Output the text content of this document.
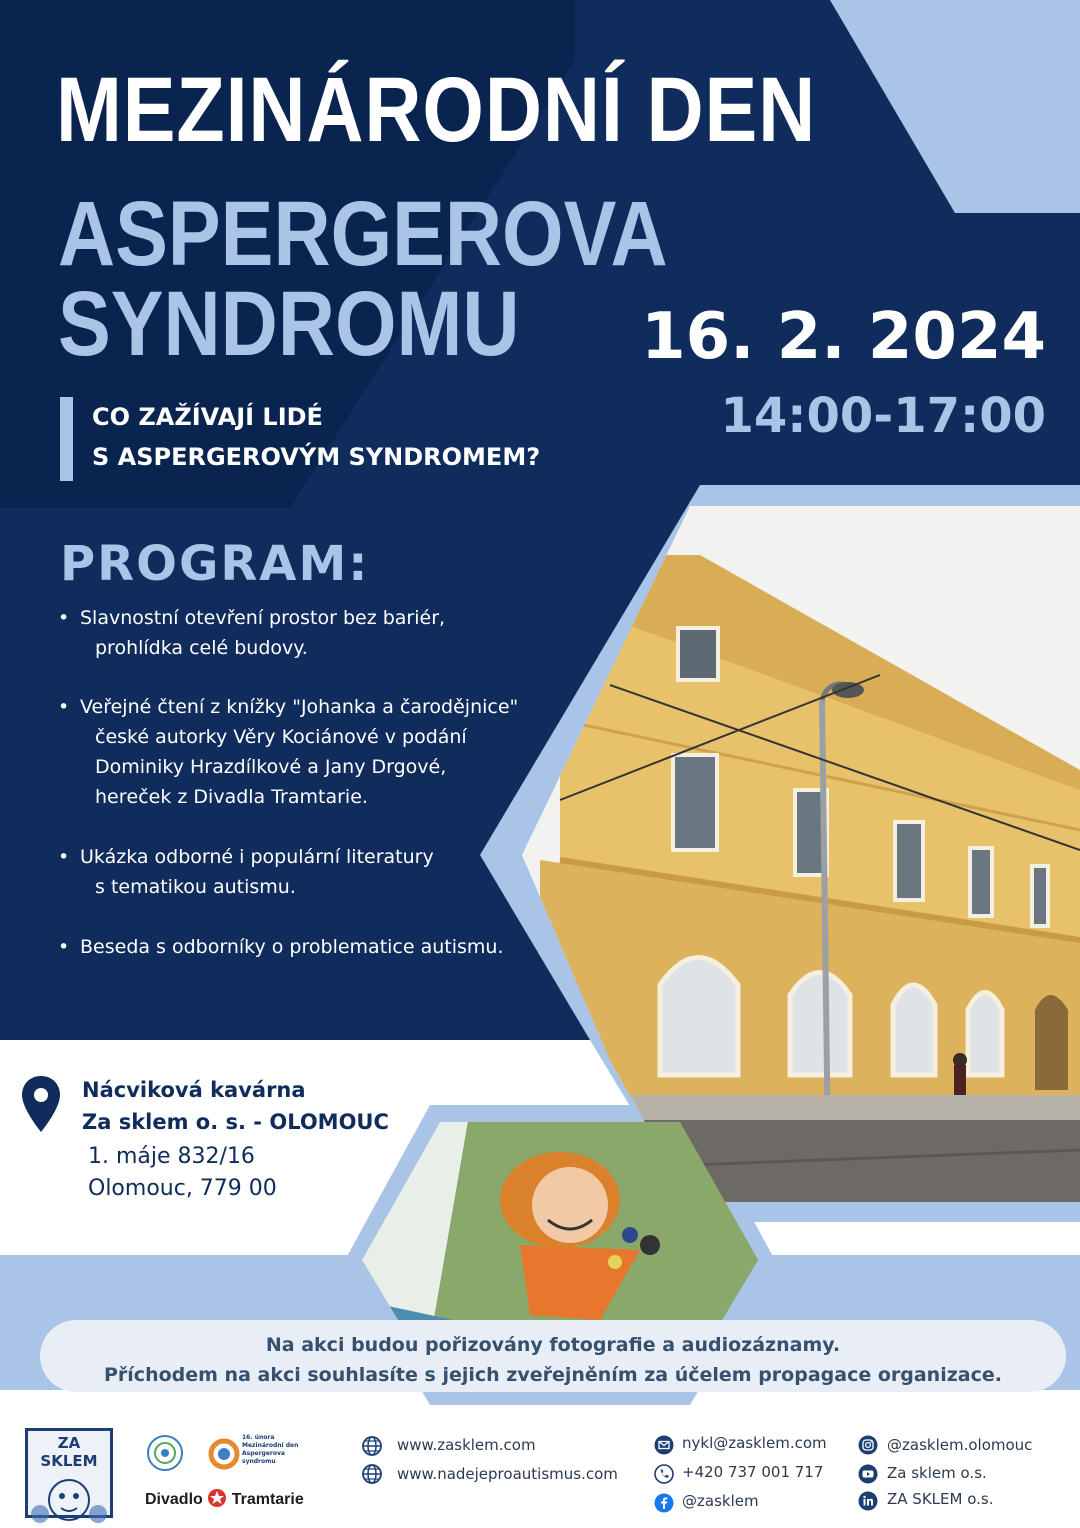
MEZINÁRODNÍ DEN
ASPERGEROVA
SYNDROMU 16. 2. 2024
14:00-17:00
CO ZAŽÍVAJÍ LIDÉ
S ASPERGEROVÝM SYNDROMEM?
PROGRAM:
• Slavnostní otevření prostor bez bariér,
prohlídka celé budovy.
• Veřejné čtení z knížky "Johanka a čarodějnice"
české autorky Věry Kociánové v podání
Dominiky Hrazdílkové a Jany Drgové,
herеček z Divadla Tramtarie.
• Ukázka odborné i populární literatury
s tematikou autismu.
• Beseda s odborníky o problematice autismu.
Nácviková kavárna
Za sklem o. s. - OLOMOUC
1. máje 832/16
Olomouc, 779 00
Na akci budou pořizovány fotografie a audiozáznamy.
Příchodem na akci souhlasíte s jejich zveřejněním za účelem propagace organizace.
ZA SKLEM
16. února
Mezinárodní den
Aspergerova
syndromu
Divadlo Tramtarie
www.zasklem.com
www.nadejeproautismus.com
nykl@zasklem.com
+420 737 001 717
@zasklem
@zasklem.olomouc
Za sklem o.s.
ZA SKLEM o.s.
